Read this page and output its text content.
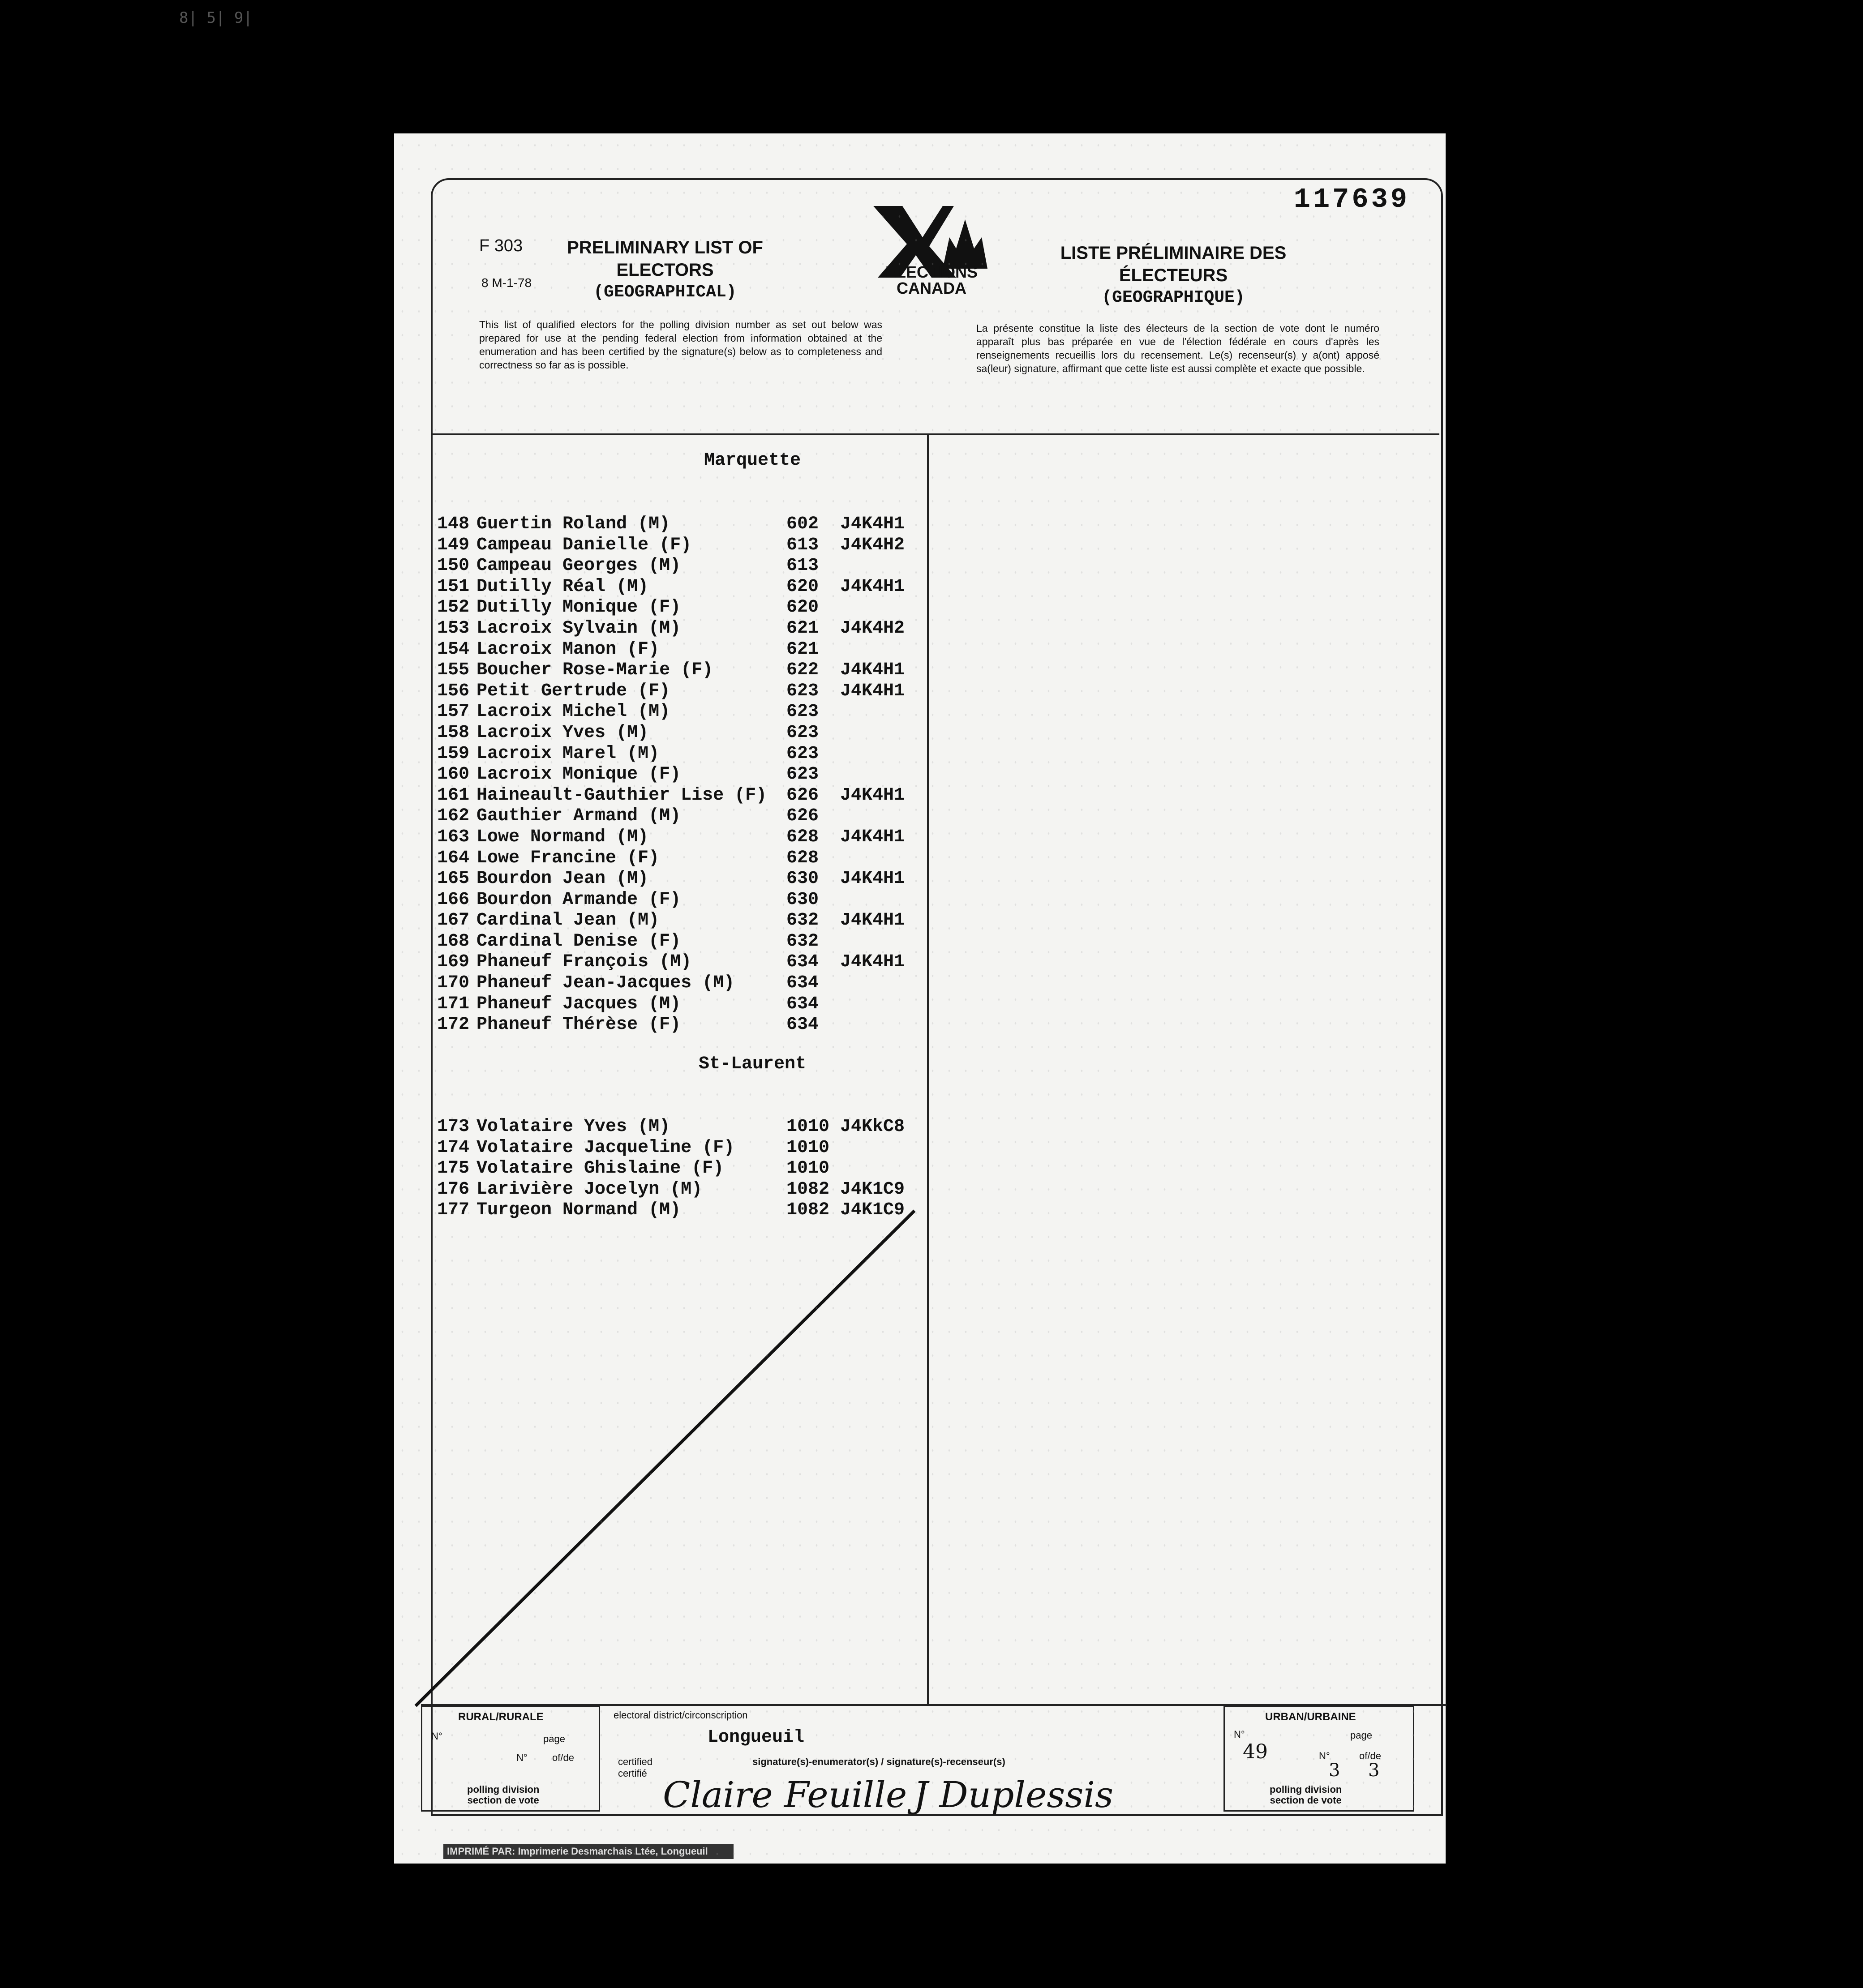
8| 5| 9|
117639
F 303
8 M-1-78
PRELIMINARY LIST OF
ELECTORS
(GEOGRAPHICAL)
ELECTIONS
CANADA
LISTE PRÉLIMINAIRE DES
ÉLECTEURS
(GEOGRAPHIQUE)
This list of qualified electors for the polling division number as set out below was prepared for use at the pending federal election from information obtained at the enumeration and has been certified by the signature(s) below as to completeness and correctness so far as is possible.
La présente constitue la liste des électeurs de la section de vote dont le numéro apparaît plus bas préparée en vue de l'élection fédérale en cours d'après les renseignements recueillis lors du recensement. Le(s) recenseur(s) y a(ont) apposé sa(leur) signature, affirmant que cette liste est aussi complète et exacte que possible.
Marquette
148 Guertin Roland (M)	602 J4K4H1
149 Campeau Danielle (F)	613 J4K4H2
150 Campeau Georges (M)	613
151 Dutilly Réal (M)	620 J4K4H1
152 Dutilly Monique (F)	620
153 Lacroix Sylvain (M)	621 J4K4H2
154 Lacroix Manon (F)	621
155 Boucher Rose-Marie (F)	622 J4K4H1
156 Petit Gertrude (F)	623 J4K4H1
157 Lacroix Michel (M)	623
158 Lacroix Yves (M)	623
159 Lacroix Marel (M)	623
160 Lacroix Monique (F)	623
161 Haineault-Gauthier Lise (F) 626 J4K4H1
162 Gauthier Armand (M)	626
163 Lowe Normand (M)	628 J4K4H1
164 Lowe Francine (F)	628
165 Bourdon Jean (M)	630 J4K4H1
166 Bourdon Armande (F)	630
167 Cardinal Jean (M)	632 J4K4H1
168 Cardinal Denise (F)	632
169 Phaneuf François (M)	634 J4K4H1
170 Phaneuf Jean-Jacques (M)	634
171 Phaneuf Jacques (M)	634
172 Phaneuf Thérèse (F)	634
St-Laurent
173 Volataire Yves (M)	1010 J4KkC8
174 Volataire Jacqueline (F)	1010
175 Volataire Ghislaine (F)	1010
176 Larivière Jocelyn (M)	1082 J4K1C9
177 Turgeon Normand (M)	1082 J4K1C9
RURAL/RURALE
N°	page
N°	of/de
polling division
section de vote
electoral district/circonscription
Longueuil
certified
certifié
signature(s)-enumerator(s) / signature(s)-recenseur(s)
Claire Feuille J Duplessis
URBAN/URBAINE
N°
49
page
N°	of/de
3 3
polling division
section de vote
IMPRIMÉ PAR: Imprimerie Desmarchais Ltée, Longueuil
